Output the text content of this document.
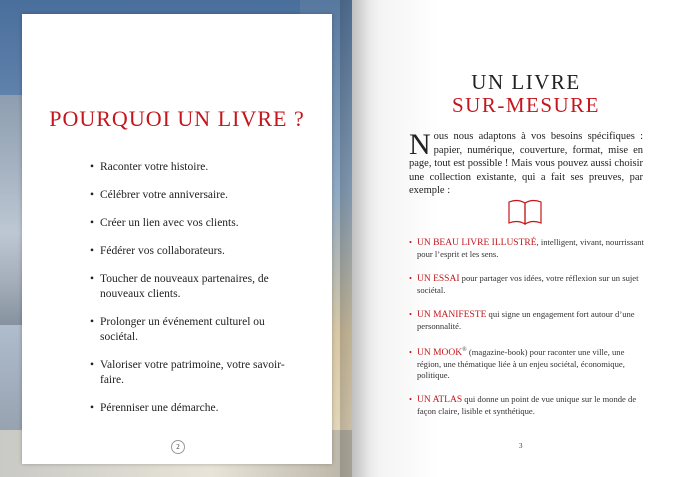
POURQUOI UN LIVRE ?
• Raconter votre histoire.
• Célébrer votre anniversaire.
• Créer un lien avec vos clients.
• Fédérer vos collaborateurs.
• Toucher de nouveaux partenaires, de nouveaux clients.
• Prolonger un événement culturel ou sociétal.
• Valoriser votre patrimoine, votre savoir-faire.
• Pérenniser une démarche.
2
UN LIVRE
SUR-MESURE
Nous nous adaptons à vos besoins spécifiques : papier, numérique, couverture, format, mise en page, tout est possible ! Mais vous pouvez aussi choisir une collection existante, qui a fait ses preuves, par exemple :
• UN BEAU LIVRE ILLUSTRÉ, intelligent, vivant, nourrissant pour l’esprit et les sens.
• UN ESSAI pour partager vos idées, votre réflexion sur un sujet sociétal.
• UN MANIFESTE qui signe un engagement fort autour d’une personnalité.
• UN MOOK® (magazine-book) pour raconter une ville, une région, une thématique liée à un enjeu sociétal, économique, politique.
• UN ATLAS qui donne un point de vue unique sur le monde de façon claire, lisible et synthétique.
3
